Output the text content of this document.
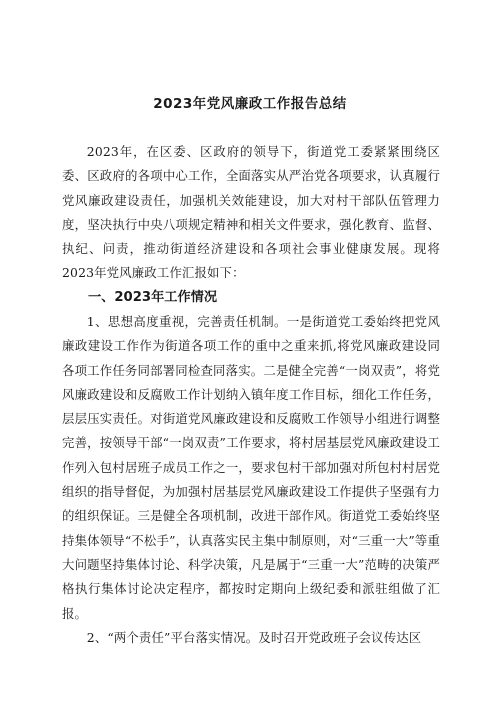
2023年党风廉政工作报告总结

2023年，在区委、区政府的领导下，街道党工委紧紧围绕区委、区政府的各项中心工作，全面落实从严治党各项要求，认真履行党风廉政建设责任，加强机关效能建设，加大对村干部队伍管理力度，坚决执行中央八项规定精神和相关文件要求，强化教育、监督、执纪、问责，推动街道经济建设和各项社会事业健康发展。现将2023年党风廉政工作汇报如下：

一、2023年工作情况

1、思想高度重视，完善责任机制。一是街道党工委始终把党风廉政建设工作作为街道各项工作的重中之重来抓,将党风廉政建设同各项工作任务同部署同检查同落实。二是健全完善“一岗双责”，将党风廉政建设和反腐败工作计划纳入镇年度工作目标，细化工作任务，层层压实责任。对街道党风廉政建设和反腐败工作领导小组进行调整完善，按领导干部“一岗双责”工作要求，将村居基层党风廉政建设工作列入包村居班子成员工作之一，要求包村干部加强对所包村村居党组织的指导督促，为加强村居基层党风廉政建设工作提供子坚强有力的组织保证。三是健全各项机制，改进干部作风。街道党工委始终坚持集体领导“不松手”，认真落实民主集中制原则，对“三重一大”等重大问题坚持集体讨论、科学决策，凡是属于“三重一大”范畴的决策严格执行集体讨论决定程序，都按时定期向上级纪委和派驻组做了汇报。

2、“两个责任”平台落实情况。及时召开党政班子会议传达区
